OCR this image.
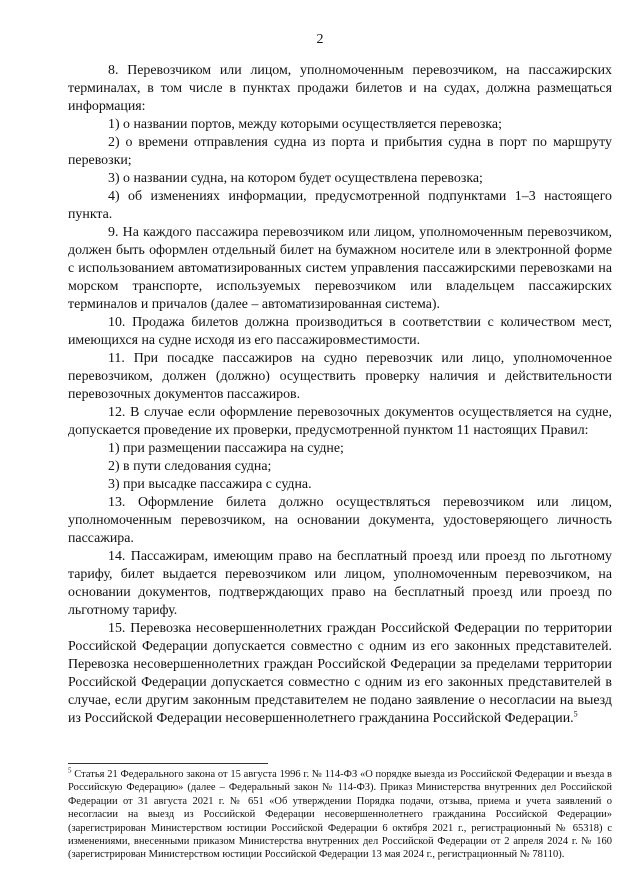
2

8. Перевозчиком или лицом, уполномоченным перевозчиком, на пассажирских терминалах, в том числе в пунктах продажи билетов и на судах, должна размещаться информация:

1) о названии портов, между которыми осуществляется перевозка;

2) о времени отправления судна из порта и прибытия судна в порт по маршруту перевозки;

3) о названии судна, на котором будет осуществлена перевозка;

4) об изменениях информации, предусмотренной подпунктами 1–3 настоящего пункта.

9. На каждого пассажира перевозчиком или лицом, уполномоченным перевозчиком, должен быть оформлен отдельный билет на бумажном носителе или в электронной форме с использованием автоматизированных систем управления пассажирскими перевозками на морском транспорте, используемых перевозчиком или владельцем пассажирских терминалов и причалов (далее – автоматизированная система).

10. Продажа билетов должна производиться в соответствии с количеством мест, имеющихся на судне исходя из его пассажировместимости.

11. При посадке пассажиров на судно перевозчик или лицо, уполномоченное перевозчиком, должен (должно) осуществить проверку наличия и действительности перевозочных документов пассажиров.

12. В случае если оформление перевозочных документов осуществляется на судне, допускается проведение их проверки, предусмотренной пунктом 11 настоящих Правил:

1) при размещении пассажира на судне;

2) в пути следования судна;

3) при высадке пассажира с судна.

13. Оформление билета должно осуществляться перевозчиком или лицом, уполномоченным перевозчиком, на основании документа, удостоверяющего личность пассажира.

14. Пассажирам, имеющим право на бесплатный проезд или проезд по льготному тарифу, билет выдается перевозчиком или лицом, уполномоченным перевозчиком, на основании документов, подтверждающих право на бесплатный проезд или проезд по льготному тарифу.

15. Перевозка несовершеннолетних граждан Российской Федерации по территории Российской Федерации допускается совместно с одним из его законных представителей. Перевозка несовершеннолетних граждан Российской Федерации за пределами территории Российской Федерации допускается совместно с одним из его законных представителей в случае, если другим законным представителем не подано заявление о несогласии на выезд из Российской Федерации несовершеннолетнего гражданина Российской Федерации.$^5$

$^5$ Статья 21 Федерального закона от 15 августа 1996 г. № 114-ФЗ «О порядке выезда из Российской Федерации и въезда в Российскую Федерацию» (далее – Федеральный закон № 114-ФЗ). Приказ Министерства внутренних дел Российской Федерации от 31 августа 2021 г. № 651 «Об утверждении Порядка подачи, отзыва, приема и учета заявлений о несогласии на выезд из Российской Федерации несовершеннолетнего гражданина Российской Федерации» (зарегистрирован Министерством юстиции Российской Федерации 6 октября 2021 г., регистрационный № 65318) с изменениями, внесенными приказом Министерства внутренних дел Российской Федерации от 2 апреля 2024 г. № 160 (зарегистрирован Министерством юстиции Российской Федерации 13 мая 2024 г., регистрационный № 78110).
